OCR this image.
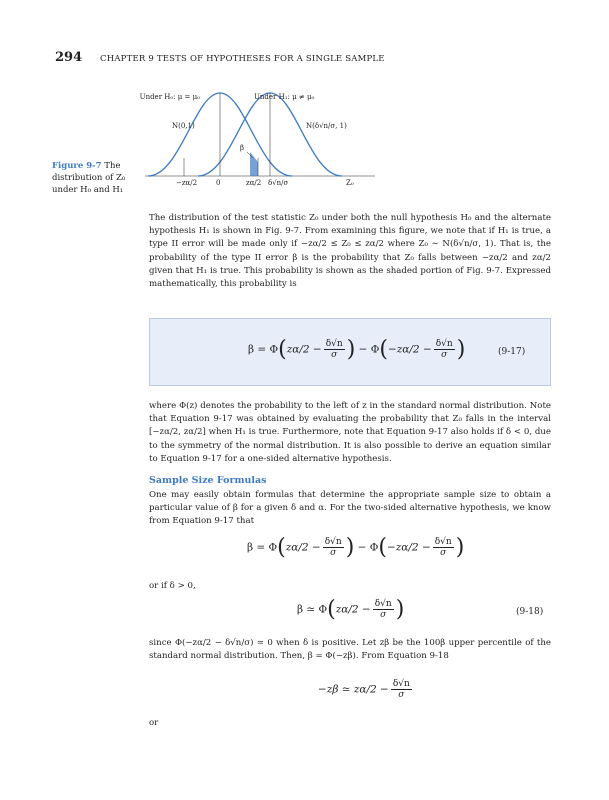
294 CHAPTER 9 TESTS OF HYPOTHESES FOR A SINGLE SAMPLE
Figure 9-7 The distribution of Z₀ under H₀ and H₁
Under H₀: μ = μ₀	Under H₁: μ ≠ μ₀
N(0,1)	N(δ√n/σ, 1)
β
−zα/2	0	zα/2 δ√n/σ	Z₀
The distribution of the test statistic Z₀ under both the null hypothesis H₀ and the alternate hypothesis H₁ is shown in Fig. 9-7. From examining this figure, we note that if H₁ is true, a type II error will be made only if −zα/2 ≤ Z₀ ≤ zα/2 where Z₀ ∼ N(δ√n/σ, 1). That is, the probability of the type II error β is the probability that Z₀ falls between −zα/2 and zα/2 given that H₁ is true. This probability is shown as the shaded portion of Fig. 9-7. Expressed mathematically, this probability is
$\beta = \Phi(z\alpha/2 - \frac{\delta√n}{\sigma}$ ) − $\Phi(-z\alpha/2 - \frac{\delta√n}{\sigma}$ )	(9-17)
where Φ(z) denotes the probability to the left of z in the standard normal distribution. Note that Equation 9-17 was obtained by evaluating the probability that Z₀ falls in the interval [−zα/2, zα/2] when H₁ is true. Furthermore, note that Equation 9-17 also holds if δ < 0, due to the symmetry of the normal distribution. It is also possible to derive an equation similar to Equation 9-17 for a one-sided alternative hypothesis.
Sample Size Formulas
One may easily obtain formulas that determine the appropriate sample size to obtain a particular value of β for a given δ and α. For the two-sided alternative hypothesis, we know from Equation 9-17 that
$\beta = \Phi(z\alpha/2 - \frac{\delta√n}{\sigma}$ ) − $\Phi(-z\alpha/2 - \frac{\delta√n}{\sigma}$ )
or if δ > 0,
β ≃ $\Phi(z\alpha/2 - \frac{\delta√n}{\sigma}$ )	(9-18)
since Φ(−zα/2 − δ√n/σ) ≃ 0 when δ is positive. Let zβ be the 100β upper percentile of the standard normal distribution. Then, β = Φ(−zβ). From Equation 9-18
−zβ ≃ $z\alpha/2 - \frac{\delta√n}{\sigma}$
or
